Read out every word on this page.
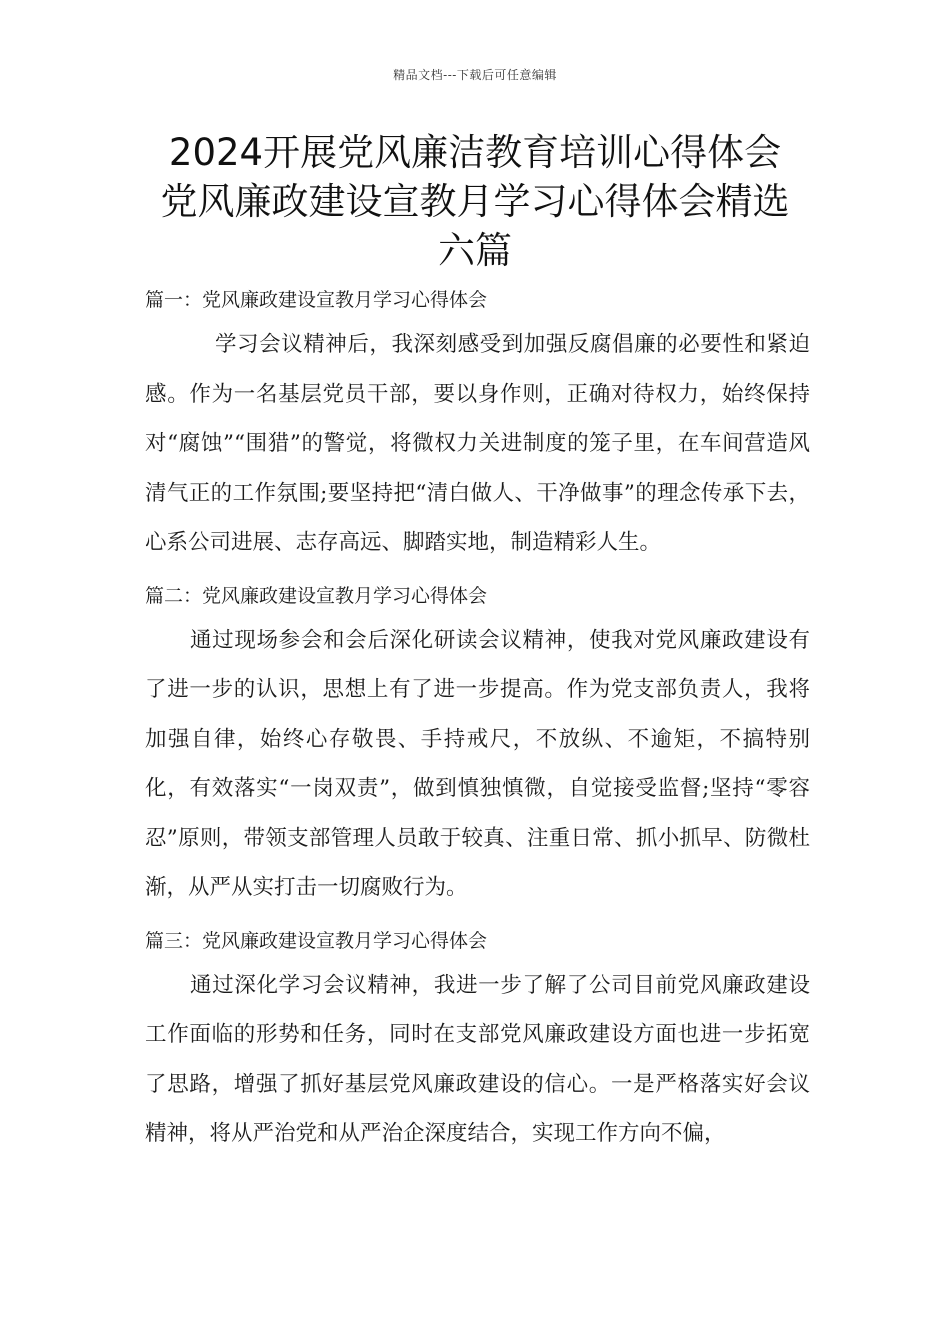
精品文档---下载后可任意编辑
2024开展党风廉洁教育培训心得体会
党风廉政建设宣教月学习心得体会精选
六篇

篇一：党风廉政建设宣教月学习心得体会

学习会议精神后，我深刻感受到加强反腐倡廉的必要性和紧迫感。作为一名基层党员干部，要以身作则，正确对待权力，始终保持对“腐蚀”“围猎”的警觉，将微权力关进制度的笼子里，在车间营造风清气正的工作氛围;要坚持把“清白做人、干净做事”的理念传承下去，心系公司进展、志存高远、脚踏实地，制造精彩人生。

篇二：党风廉政建设宣教月学习心得体会

通过现场参会和会后深化研读会议精神，使我对党风廉政建设有了进一步的认识，思想上有了进一步提高。作为党支部负责人，我将加强自律，始终心存敬畏、手持戒尺，不放纵、不逾矩，不搞特别化，有效落实“一岗双责”，做到慎独慎微，自觉接受监督;坚持“零容忍”原则，带领支部管理人员敢于较真、注重日常、抓小抓早、防微杜渐，从严从实打击一切腐败行为。

篇三：党风廉政建设宣教月学习心得体会

通过深化学习会议精神，我进一步了解了公司目前党风廉政建设工作面临的形势和任务，同时在支部党风廉政建设方面也进一步拓宽了思路，增强了抓好基层党风廉政建设的信心。一是严格落实好会议精神，将从严治党和从严治企深度结合，实现工作方向不偏，
